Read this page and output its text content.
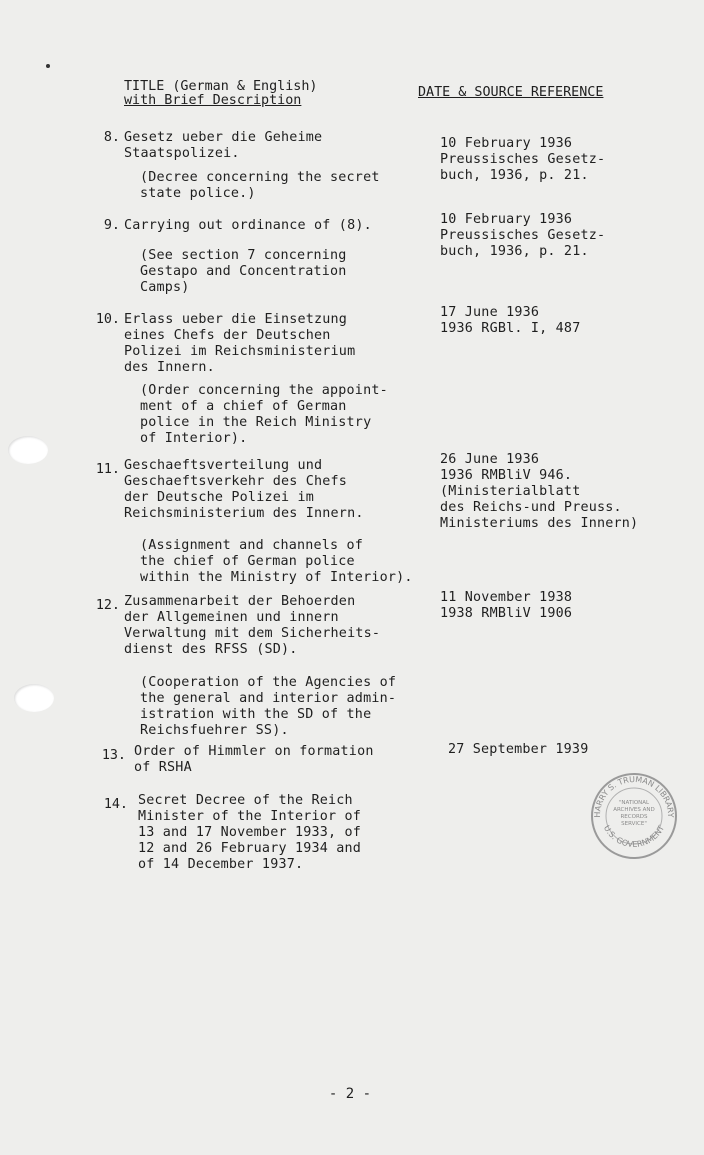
TITLE (German & English)
with Brief Description
DATE & SOURCE REFERENCE
8. Gesetz ueber die Geheime
Staatspolizei.
(Decree concerning the secret
state police.)
10 February 1936
Preussisches Gesetz-
buch, 1936, p. 21.
9. Carrying out ordinance of (8).
(See section 7 concerning
Gestapo and Concentration
Camps)
10 February 1936
Preussisches Gesetz-
buch, 1936, p. 21.
10. Erlass ueber die Einsetzung
eines Chefs der Deutschen
Polizei im Reichsministerium
des Innern.
(Order concerning the appoint-
ment of a chief of German
police in the Reich Ministry
of Interior).
17 June 1936
1936 RGBl. I, 487
11. Geschaeftsverteilung und
Geschaeftsverkehr des Chefs
der Deutsche Polizei im
Reichsministerium des Innern.
(Assignment and channels of
the chief of German police
within the Ministry of Interior).
26 June 1936
1936 RMBliV 946.
(Ministerialblatt
des Reichs-und Preuss.
Ministeriums des Innern)
12. Zusammenarbeit der Behoerden
der Allgemeinen und innern
Verwaltung mit dem Sicherheits-
dienst des RFSS (SD).
(Cooperation of the Agencies of
the general and interior admin-
istration with the SD of the
Reichsfuehrer SS).
11 November 1938
1938 RMBliV 1906
13. Order of Himmler on formation
of RSHA
27 September 1939
14. Secret Decree of the Reich
Minister of the Interior of
13 and 17 November 1933, of
12 and 26 February 1934 and
of 14 December 1937.
HARRY S. TRUMAN LIBRARY
U.S. GOVERNMENT
"NATIONAL
ARCHIVES AND
RECORDS
SERVICE"
- 2 -
